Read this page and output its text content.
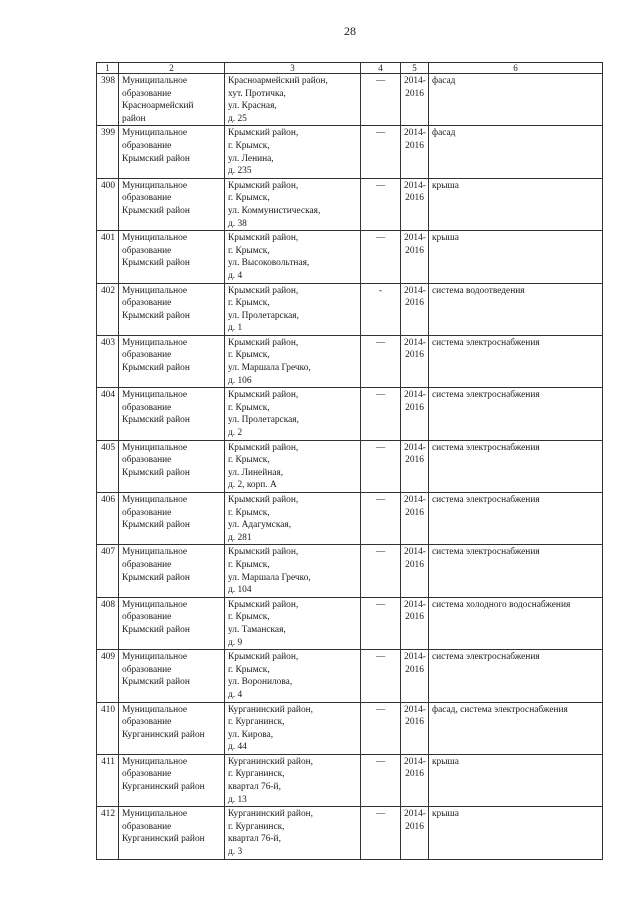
28
1	2	3	4	5	6
398	Муниципальное
образование
Красноармейский
район	Красноармейский район,
хут. Протичка,
ул. Красная,
д. 25	—	2014-
2016	фасад
399	Муниципальное
образование
Крымский район	Крымский район,
г. Крымск,
ул. Ленина,
д. 235	—	2014-
2016	фасад
400	Муниципальное
образование
Крымский район	Крымский район,
г. Крымск,
ул. Коммунистическая,
д. 38	—	2014-
2016	крыша
401	Муниципальное
образование
Крымский район	Крымский район,
г. Крымск,
ул. Высоковольтная,
д. 4	—	2014-
2016	крыша
402	Муниципальное
образование
Крымский район	Крымский район,
г. Крымск,
ул. Пролетарская,
д. 1	-	2014-
2016	система водоотведения
403	Муниципальное
образование
Крымский район	Крымский район,
г. Крымск,
ул. Маршала Гречко,
д. 106	—	2014-
2016	система электроснабжения
404	Муниципальное
образование
Крымский район	Крымский район,
г. Крымск,
ул. Пролетарская,
д. 2	—	2014-
2016	система электроснабжения
405	Муниципальное
образование
Крымский район	Крымский район,
г. Крымск,
ул. Линейная,
д. 2, корп. А	—	2014-
2016	система электроснабжения
406	Муниципальное
образование
Крымский район	Крымский район,
г. Крымск,
ул. Адагумская,
д. 281	—	2014-
2016	система электроснабжения
407	Муниципальное
образование
Крымский район	Крымский район,
г. Крымск,
ул. Маршала Гречко,
д. 104	—	2014-
2016	система электроснабжения
408	Муниципальное
образование
Крымский район	Крымский район,
г. Крымск,
ул. Таманская,
д. 9	—	2014-
2016	система холодного водоснабжения
409	Муниципальное
образование
Крымский район	Крымский район,
г. Крымск,
ул. Воронилова,
д. 4	—	2014-
2016	система электроснабжения
410	Муниципальное
образование
Курганинский район	Курганинский район,
г. Курганинск,
ул. Кирова,
д. 44	—	2014-
2016	фасад, система электроснабжения
411	Муниципальное
образование
Курганинский район	Курганинский район,
г. Курганинск,
квартал 76-й,
д. 13	—	2014-
2016	крыша
412	Муниципальное
образование
Курганинский район	Курганинский район,
г. Курганинск,
квартал 76-й,
д. 3	—	2014-
2016	крыша
